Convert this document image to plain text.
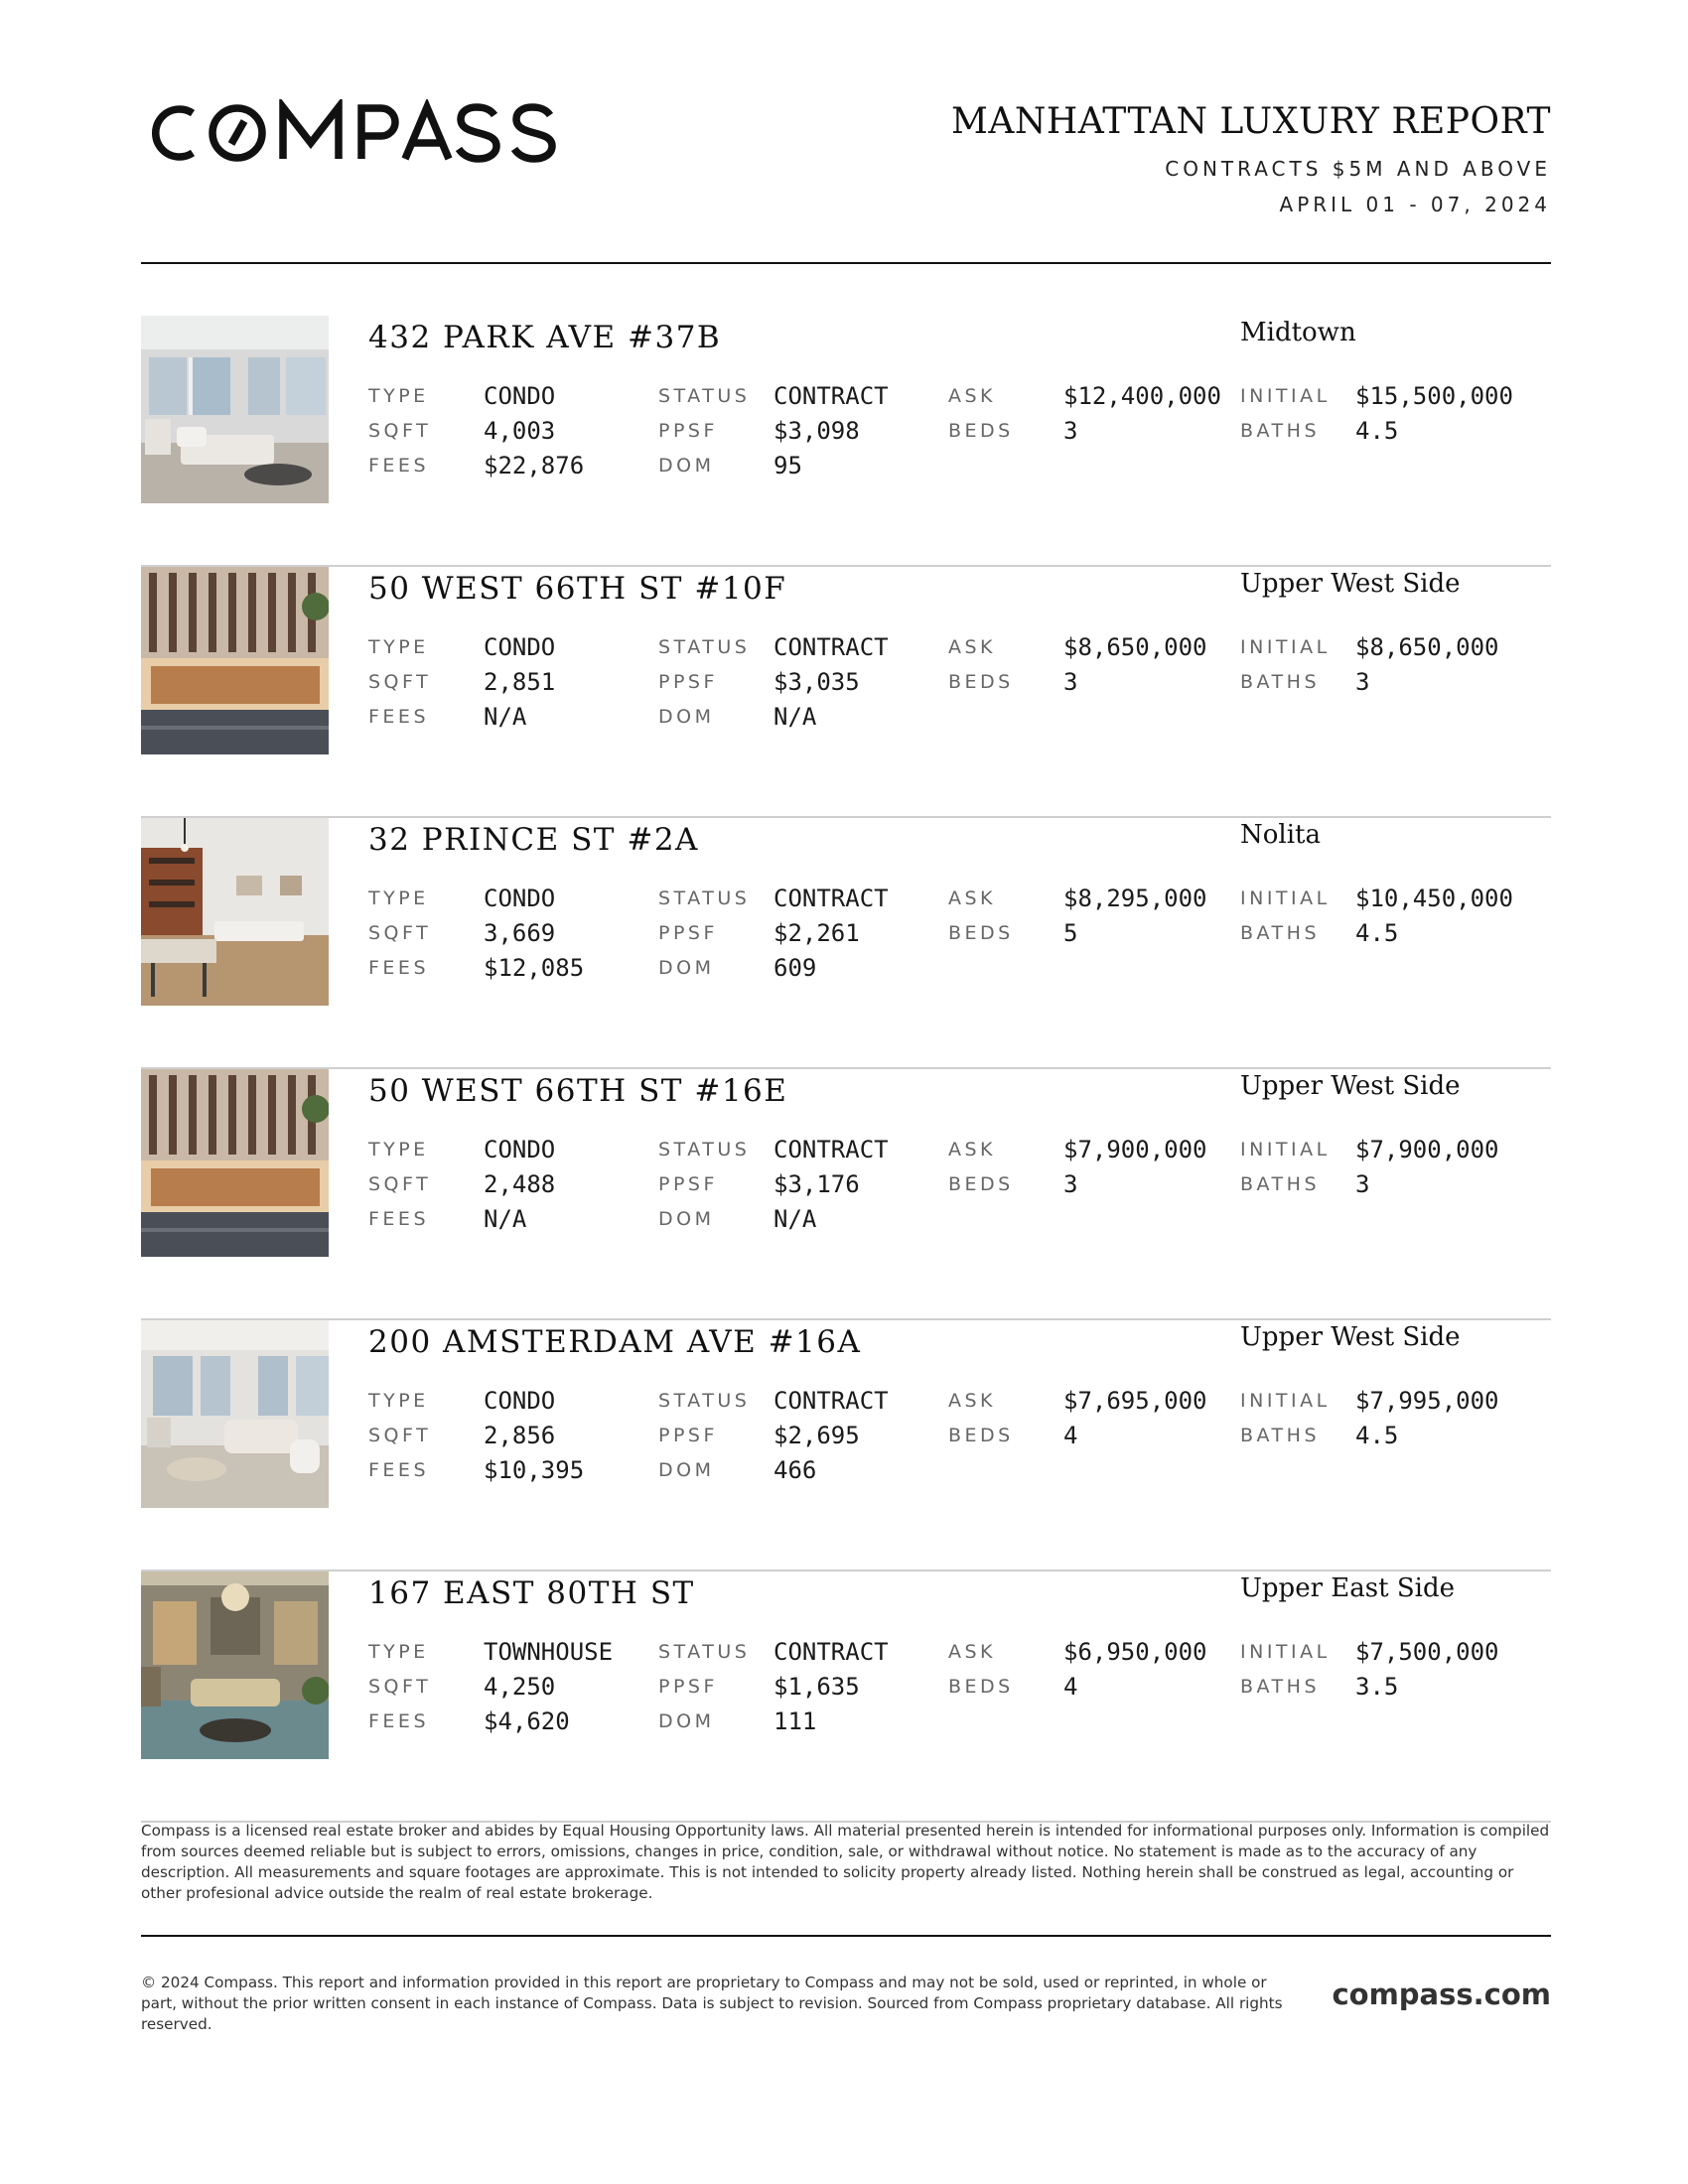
MANHATTAN LUXURY REPORT
CONTRACTS $5M AND ABOVE
APRIL 01 - 07, 2024
432 PARK AVE #37B	Midtown
TYPE CONDO
SQFT 4,003
FEES $22,876
STATUS CONTRACT
PPSF $3,098
DOM 95
ASK	$12,400,000
BEDS 3
INITIAL $15,500,000
BATHS 4.5
50 WEST 66TH ST #10F	Upper West Side
TYPE CONDO
SQFT 2,851
FEES N/A
STATUS CONTRACT
PPSF $3,035
DOM N/A
ASK	$8,650,000
BEDS 3
INITIAL $8,650,000
BATHS 3
32 PRINCE ST #2A	Nolita
TYPE CONDO
SQFT 3,669
FEES $12,085
STATUS CONTRACT
PPSF $2,261
DOM 609
ASK	$8,295,000
BEDS 5
INITIAL $10,450,000
BATHS 4.5
50 WEST 66TH ST #16E	Upper West Side
TYPE CONDO
SQFT 2,488
FEES N/A
STATUS CONTRACT
PPSF $3,176
DOM N/A
ASK	$7,900,000
BEDS 3
INITIAL $7,900,000
BATHS 3
200 AMSTERDAM AVE #16A	Upper West Side
TYPE CONDO
SQFT 2,856
FEES $10,395
STATUS CONTRACT
PPSF $2,695
DOM 466
ASK	$7,695,000
BEDS 4
INITIAL $7,995,000
BATHS 4.5
167 EAST 80TH ST	Upper East Side
TYPE TOWNHOUSE
SQFT 4,250
FEES $4,620
STATUS CONTRACT
PPSF $1,635
DOM 111
ASK	$6,950,000
BEDS 4
INITIAL $7,500,000
BATHS 3.5
Compass is a licensed real estate broker and abides by Equal Housing Opportunity laws. All material presented herein is intended for informational purposes only. Information is compiled from sources deemed reliable but is subject to errors, omissions, changes in price, condition, sale, or withdrawal without notice. No statement is made as to the accuracy of any description. All measurements and square footages are approximate. This is not intended to solicity property already listed. Nothing herein shall be construed as legal, accounting or other profesional advice outside the realm of real estate brokerage.
© 2024 Compass. This report and information provided in this report are proprietary to Compass and may not be sold, used or reprinted, in whole or part, without the prior written consent in each instance of Compass. Data is subject to revision. Sourced from Compass proprietary database. All rights reserved.
compass.com
